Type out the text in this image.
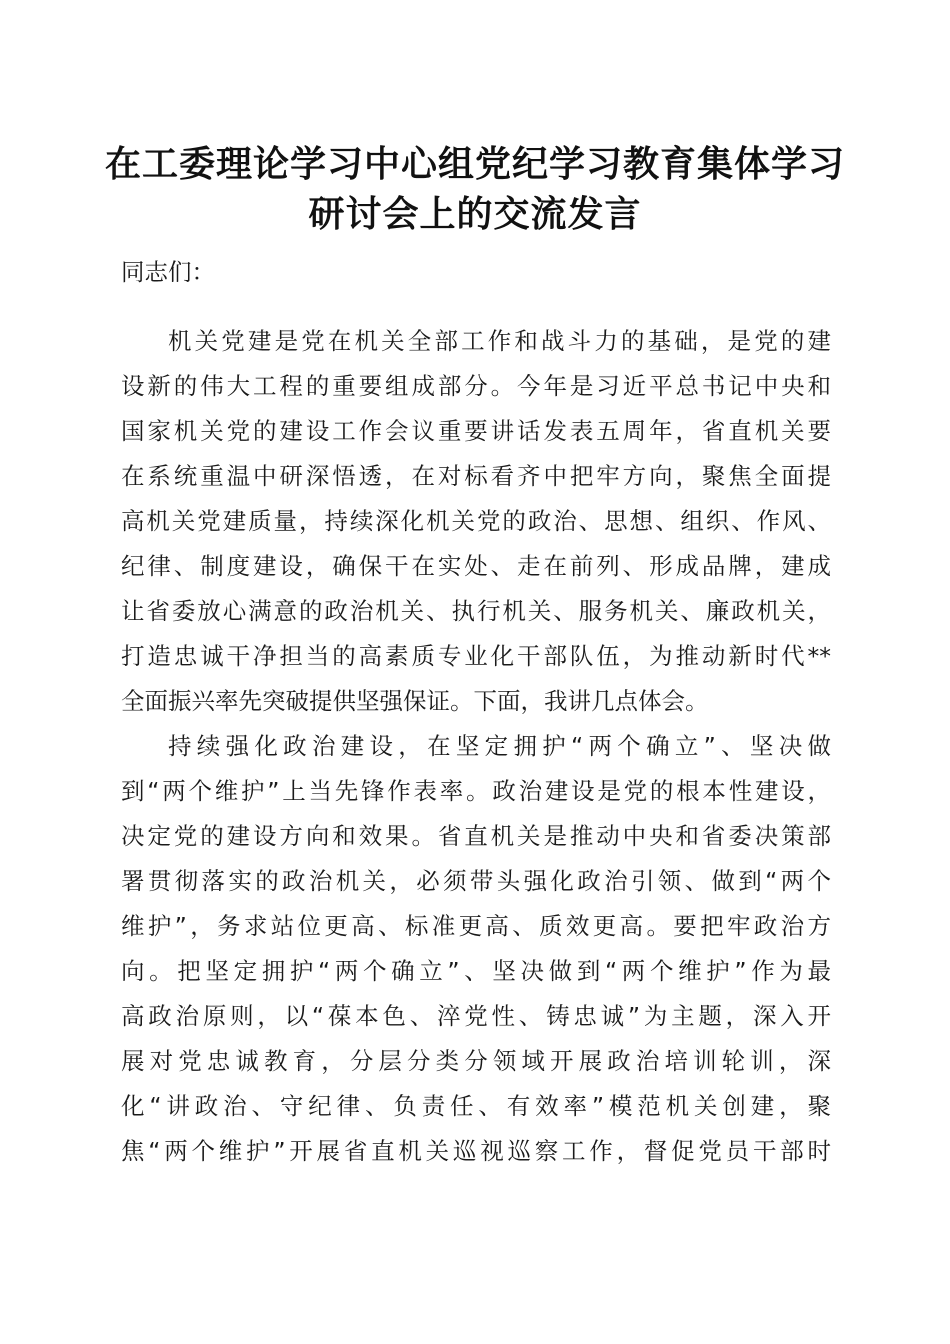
在工委理论学习中心组党纪学习教育集体学习
研讨会上的交流发言
同志们：
机关党建是党在机关全部工作和战斗力的基础，是党的建
设新的伟大工程的重要组成部分。今年是习近平总书记中央和
国家机关党的建设工作会议重要讲话发表五周年，省直机关要
在系统重温中研深悟透，在对标看齐中把牢方向，聚焦全面提
高机关党建质量，持续深化机关党的政治、思想、组织、作风、
纪律、制度建设，确保干在实处、走在前列、形成品牌，建成
让省委放心满意的政治机关、执行机关、服务机关、廉政机关，
打造忠诚干净担当的高素质专业化干部队伍，为推动新时代**
全面振兴率先突破提供坚强保证。下面，我讲几点体会。
持续强化政治建设，在坚定拥护“两个确立”、坚决做
到“两个维护”上当先锋作表率。政治建设是党的根本性建设，
决定党的建设方向和效果。省直机关是推动中央和省委决策部
署贯彻落实的政治机关，必须带头强化政治引领、做到“两个
维护”，务求站位更高、标准更高、质效更高。要把牢政治方
向。把坚定拥护“两个确立”、坚决做到“两个维护”作为最
高政治原则，以“葆本色、淬党性、铸忠诚”为主题，深入开
展对党忠诚教育，分层分类分领域开展政治培训轮训，深
化“讲政治、守纪律、负责任、有效率”模范机关创建，聚
焦“两个维护”开展省直机关巡视巡察工作，督促党员干部时
